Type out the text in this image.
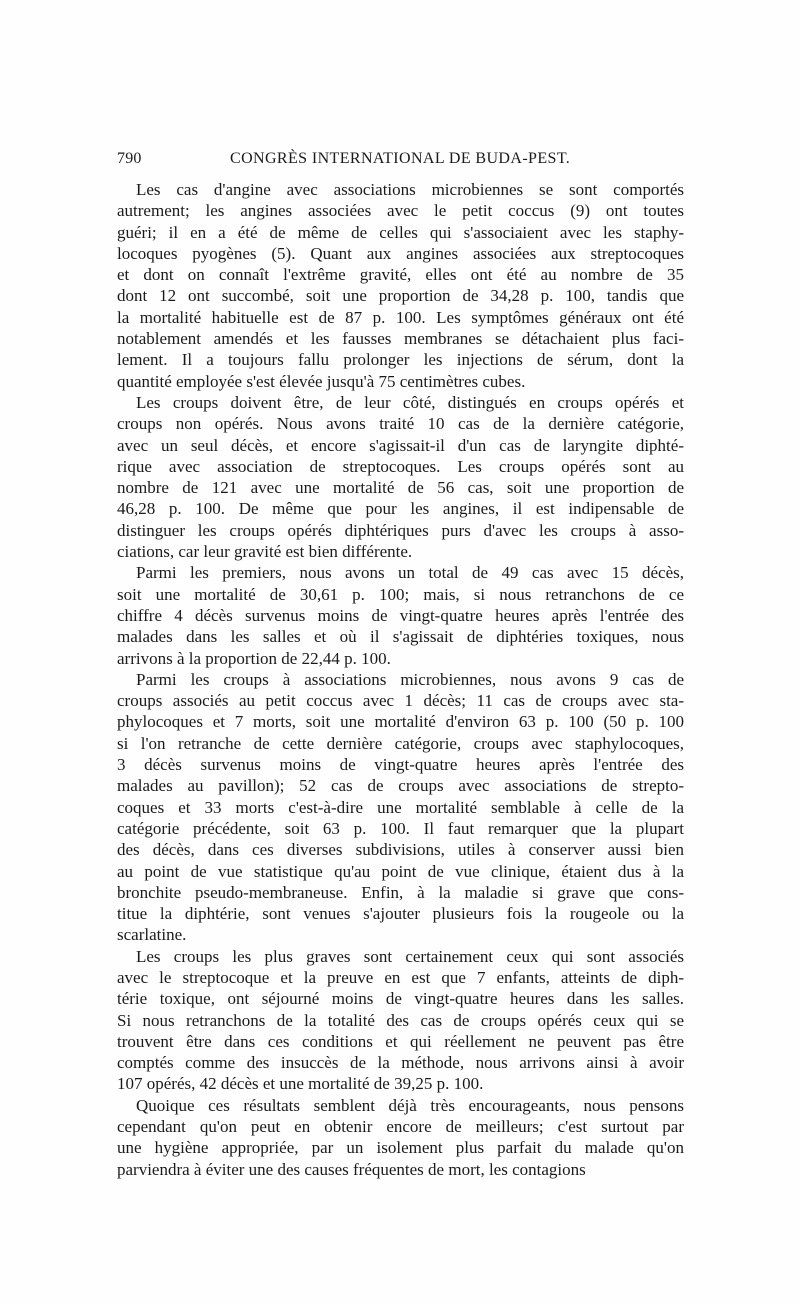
790	CONGRÈS INTERNATIONAL DE BUDA-PEST.
Les cas d'angine avec associations microbiennes se sont comportés
autrement; les angines associées avec le petit coccus (9) ont toutes
guéri; il en a été de même de celles qui s'associaient avec les staphy-
locoques pyogènes (5). Quant aux angines associées aux streptocoques
et dont on connaît l'extrême gravité, elles ont été au nombre de 35
dont 12 ont succombé, soit une proportion de 34,28 p. 100, tandis que
la mortalité habituelle est de 87 p. 100. Les symptômes généraux ont été
notablement amendés et les fausses membranes se détachaient plus faci-
lement. Il a toujours fallu prolonger les injections de sérum, dont la
quantité employée s'est élevée jusqu'à 75 centimètres cubes.
Les croups doivent être, de leur côté, distingués en croups opérés et
croups non opérés. Nous avons traité 10 cas de la dernière catégorie,
avec un seul décès, et encore s'agissait-il d'un cas de laryngite diphté-
rique avec association de streptocoques. Les croups opérés sont au
nombre de 121 avec une mortalité de 56 cas, soit une proportion de
46,28 p. 100. De même que pour les angines, il est indipensable de
distinguer les croups opérés diphtériques purs d'avec les croups à asso-
ciations, car leur gravité est bien différente.
Parmi les premiers, nous avons un total de 49 cas avec 15 décès,
soit une mortalité de 30,61 p. 100; mais, si nous retranchons de ce
chiffre 4 décès survenus moins de vingt-quatre heures après l'entrée des
malades dans les salles et où il s'agissait de diphtéries toxiques, nous
arrivons à la proportion de 22,44 p. 100.
Parmi les croups à associations microbiennes, nous avons 9 cas de
croups associés au petit coccus avec 1 décès; 11 cas de croups avec sta-
phylocoques et 7 morts, soit une mortalité d'environ 63 p. 100 (50 p. 100
si l'on retranche de cette dernière catégorie, croups avec staphylocoques,
3 décès survenus moins de vingt-quatre heures après l'entrée des
malades au pavillon); 52 cas de croups avec associations de strepto-
coques et 33 morts c'est-à-dire une mortalité semblable à celle de la
catégorie précédente, soit 63 p. 100. Il faut remarquer que la plupart
des décès, dans ces diverses subdivisions, utiles à conserver aussi bien
au point de vue statistique qu'au point de vue clinique, étaient dus à la
bronchite pseudo-membraneuse. Enfin, à la maladie si grave que cons-
titue la diphtérie, sont venues s'ajouter plusieurs fois la rougeole ou la
scarlatine.
Les croups les plus graves sont certainement ceux qui sont associés
avec le streptocoque et la preuve en est que 7 enfants, atteints de diph-
térie toxique, ont séjourné moins de vingt-quatre heures dans les salles.
Si nous retranchons de la totalité des cas de croups opérés ceux qui se
trouvent être dans ces conditions et qui réellement ne peuvent pas être
comptés comme des insuccès de la méthode, nous arrivons ainsi à avoir
107 opérés, 42 décès et une mortalité de 39,25 p. 100.
Quoique ces résultats semblent déjà très encourageants, nous pensons
cependant qu'on peut en obtenir encore de meilleurs; c'est surtout par
une hygiène appropriée, par un isolement plus parfait du malade qu'on
parviendra à éviter une des causes fréquentes de mort, les contagions
